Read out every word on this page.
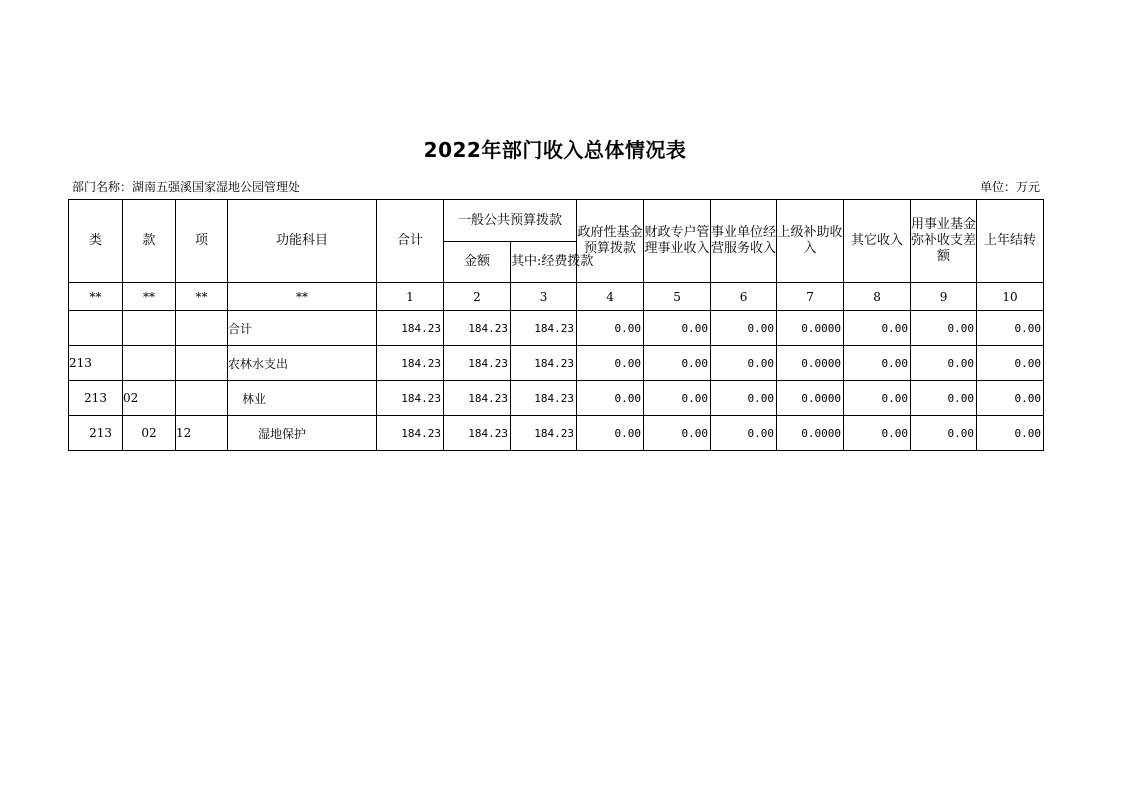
2022年部门收入总体情况表
部门名称：湖南五强溪国家湿地公园管理处	单位：万元
类	款	项	功能科目	合计	一般公共预算拨款		政府性基金预算拨款	财政专户管理事业收入	事业单位经营服务收入	上级补助收入	其它收入	用事业基金弥补收支差额	上年结转
					金额	其中:经费拨款							
**	**	**	**	1	2	3	4	5	6	7	8	9	10
			合计	184.23	184.23	184.23	0.00	0.00	0.00	0.0000	0.00	0.00	0.00
213			农林水支出	184.23	184.23	184.23	0.00	0.00	0.00	0.0000	0.00	0.00	0.00
213	02		林业	184.23	184.23	184.23	0.00	0.00	0.00	0.0000	0.00	0.00	0.00
213	02	12	湿地保护	184.23	184.23	184.23	0.00	0.00	0.00	0.0000	0.00	0.00	0.00
